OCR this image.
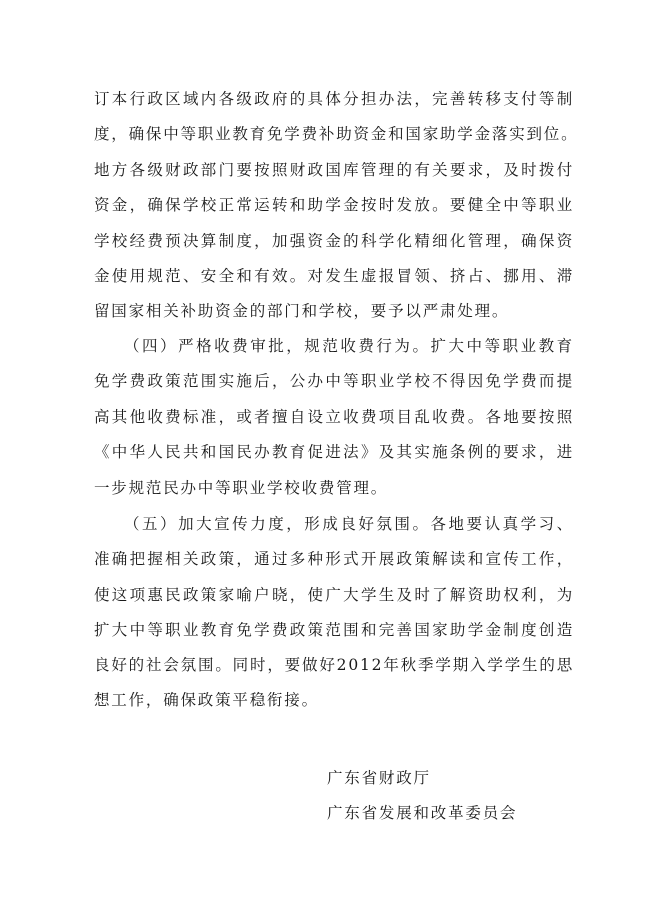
订本行政区域内各级政府的具体分担办法，完善转移支付等制
度，确保中等职业教育免学费补助资金和国家助学金落实到位。
地方各级财政部门要按照财政国库管理的有关要求，及时拨付
资金，确保学校正常运转和助学金按时发放。要健全中等职业
学校经费预决算制度，加强资金的科学化精细化管理，确保资
金使用规范、安全和有效。对发生虚报冒领、挤占、挪用、滞
留国家相关补助资金的部门和学校，要予以严肃处理。
（四）严格收费审批，规范收费行为。扩大中等职业教育
免学费政策范围实施后，公办中等职业学校不得因免学费而提
高其他收费标准，或者擅自设立收费项目乱收费。各地要按照
《中华人民共和国民办教育促进法》及其实施条例的要求，进
一步规范民办中等职业学校收费管理。
（五）加大宣传力度，形成良好氛围。各地要认真学习、
准确把握相关政策，通过多种形式开展政策解读和宣传工作，
使这项惠民政策家喻户晓，使广大学生及时了解资助权利，为
扩大中等职业教育免学费政策范围和完善国家助学金制度创造
良好的社会氛围。同时，要做好2012年秋季学期入学学生的思
想工作，确保政策平稳衔接。
广东省财政厅
广东省发展和改革委员会
